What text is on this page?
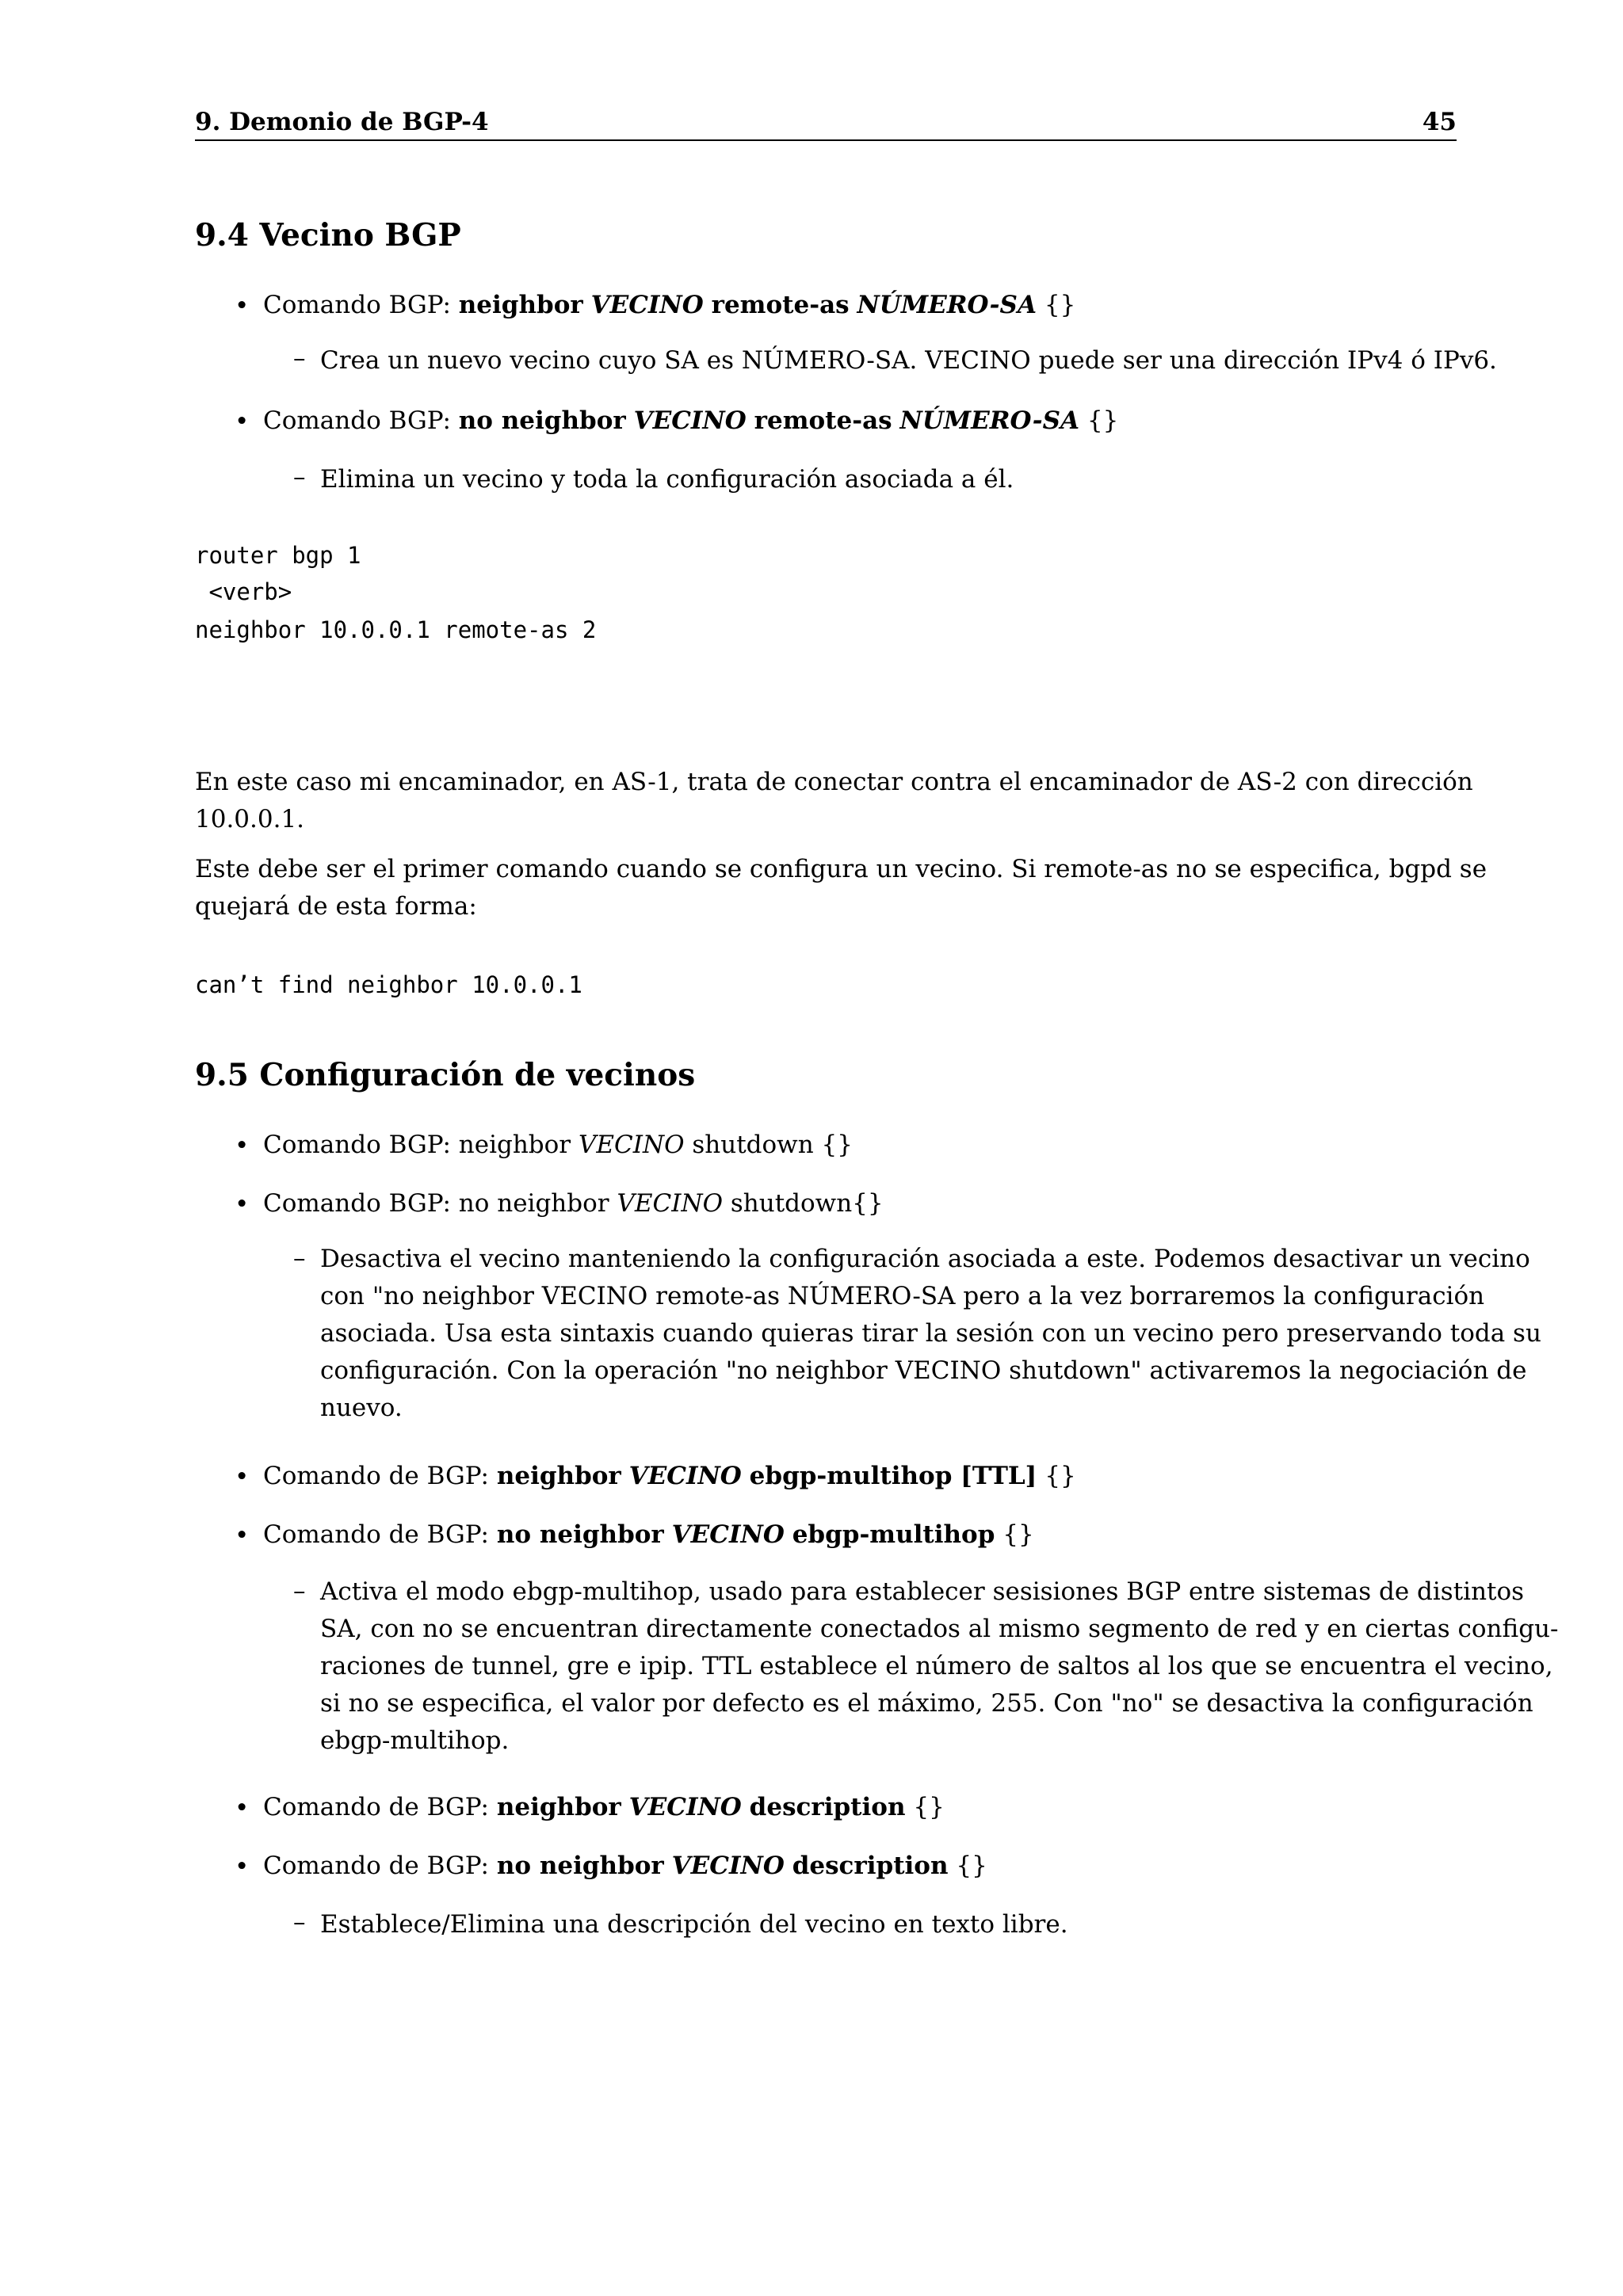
9. Demonio de BGP-4	45
9.4 Vecino BGP
• Comando BGP: neighbor VECINO remote-as NÚMERO-SA {}
– Crea un nuevo vecino cuyo SA es NÚMERO-SA. VECINO puede ser una dirección IPv4 ó IPv6.
• Comando BGP: no neighbor VECINO remote-as NÚMERO-SA {}
– Elimina un vecino y toda la configuración asociada a él.
router bgp 1
<verb>
neighbor 10.0.0.1 remote-as 2
En este caso mi encaminador, en AS-1, trata de conectar contra el encaminador de AS-2 con dirección
10.0.0.1.
Este debe ser el primer comando cuando se configura un vecino. Si remote-as no se especifica, bgpd se
quejará de esta forma:
can’t find neighbor 10.0.0.1
9.5 Configuración de vecinos
• Comando BGP: neighbor VECINO shutdown {}
• Comando BGP: no neighbor VECINO shutdown{}
– Desactiva el vecino manteniendo la configuración asociada a este. Podemos desactivar un vecino
con "no neighbor VECINO remote-as NÚMERO-SA pero a la vez borraremos la configuración
asociada. Usa esta sintaxis cuando quieras tirar la sesión con un vecino pero preservando toda su
configuración. Con la operación "no neighbor VECINO shutdown" activaremos la negociación de
nuevo.
• Comando de BGP: neighbor VECINO ebgp-multihop [TTL] {}
• Comando de BGP: no neighbor VECINO ebgp-multihop {}
– Activa el modo ebgp-multihop, usado para establecer sesisiones BGP entre sistemas de distintos
SA, con no se encuentran directamente conectados al mismo segmento de red y en ciertas configu-
raciones de tunnel, gre e ipip. TTL establece el número de saltos al los que se encuentra el vecino,
si no se especifica, el valor por defecto es el máximo, 255. Con "no" se desactiva la configuración
ebgp-multihop.
• Comando de BGP: neighbor VECINO description {}
• Comando de BGP: no neighbor VECINO description {}
– Establece/Elimina una descripción del vecino en texto libre.
